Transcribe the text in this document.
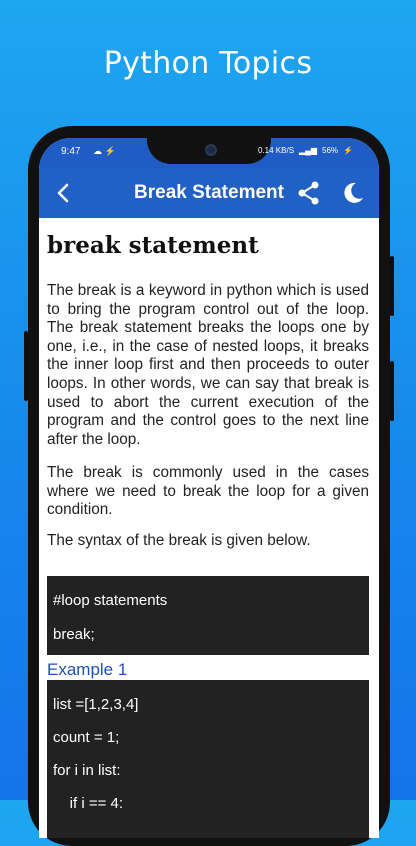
Python Topics
9:47 ☁ ⚡	0.14 KB/S ▂▄▆ 56% ⚡
Break Statement
break statement

The break is a keyword in python which is used to bring the program control out of the loop. The break statement breaks the loops one by one, i.e., in the case of nested loops, it breaks the inner loop first and then proceeds to outer loops. In other words, we can say that break is used to abort the current execution of the program and the control goes to the next line after the loop.

The break is commonly used in the cases where we need to break the loop for a given condition.

The syntax of the break is given below.

#loop statements
break;

Example 1

list =[1,2,3,4]
count = 1;
for i in list:
if i == 4:
